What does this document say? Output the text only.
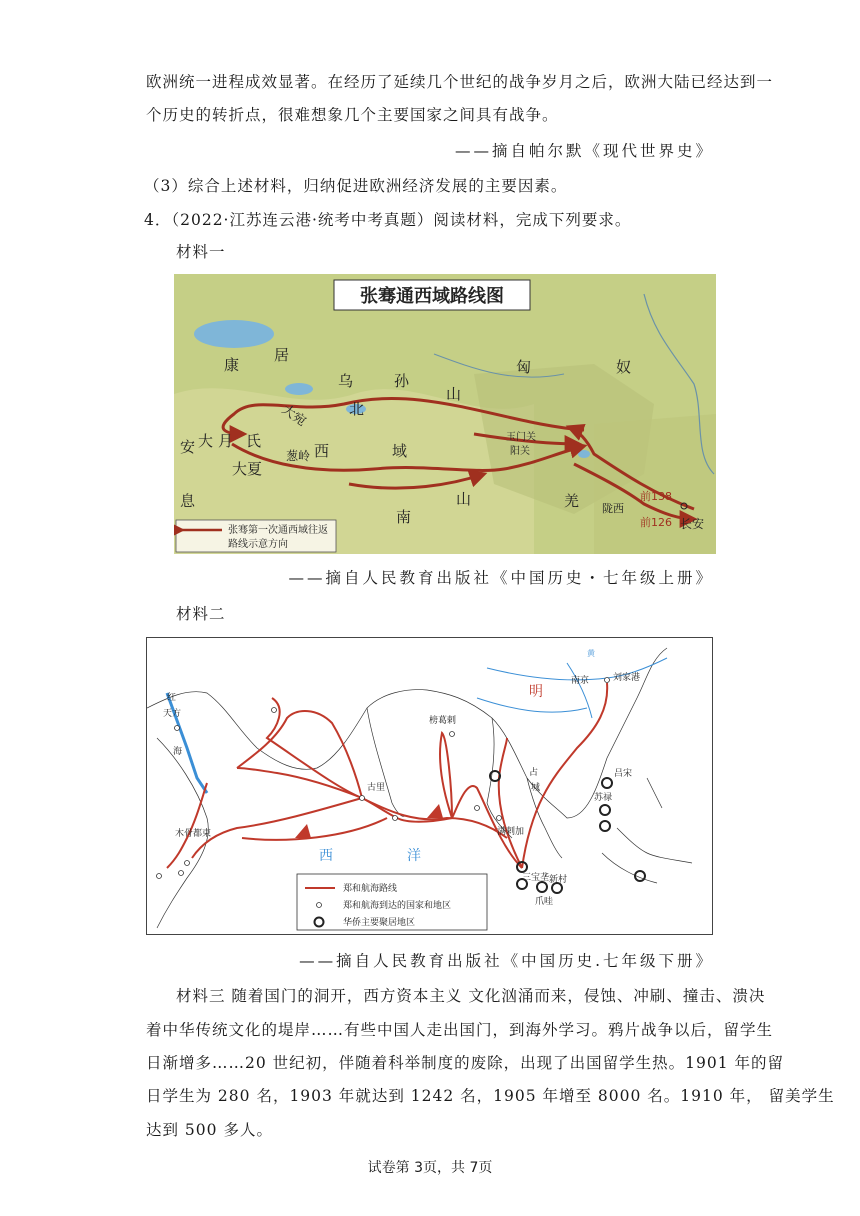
欧洲统一进程成效显著。在经历了延续几个世纪的战争岁月之后，欧洲大陆已经达到一
个历史的转折点，很难想象几个主要国家之间具有战争。
——摘自帕尔默《现代世界史》
（3）综合上述材料，归纳促进欧洲经济发展的主要因素。
4．（2022·江苏连云港·统考中考真题）阅读材料，完成下列要求。
材料一
张骞通西域路线图
康
居
匈	奴
乌	孙
山
大宛
大 月 氏
安
息
大夏
葱岭
北
西	域
南
山	羌
玉门关
阳关
陇西
长安
前138
前126
张骞第一次通西域往返
路线示意方向
——摘自人民教育出版社《中国历史・七年级上册》
材料二
明
南京	刘家港
天方
红
海
榜葛剌
古里
占
城
吕宋
苏禄
木骨都束	满剌加
西	洋
三宝垄 新村
爪哇
黄
郑和航海路线
郑和航海到达的国家和地区
华侨主要聚居地区
——摘自人民教育出版社《中国历史.七年级下册》
材料三 随着国门的洞开，西方资本主义 文化汹涌而来，侵蚀、冲刷、撞击、溃决
着中华传统文化的堤岸……有些中国人走出国门，到海外学习。鸦片战争以后，留学生
日渐增多……20 世纪初，伴随着科举制度的废除，出现了出国留学生热。1901 年的留
日学生为 280 名，1903 年就达到 1242 名，1905 年增至 8000 名。1910 年， 留美学生
达到 500 多人。
试卷第 3页，共 7页
